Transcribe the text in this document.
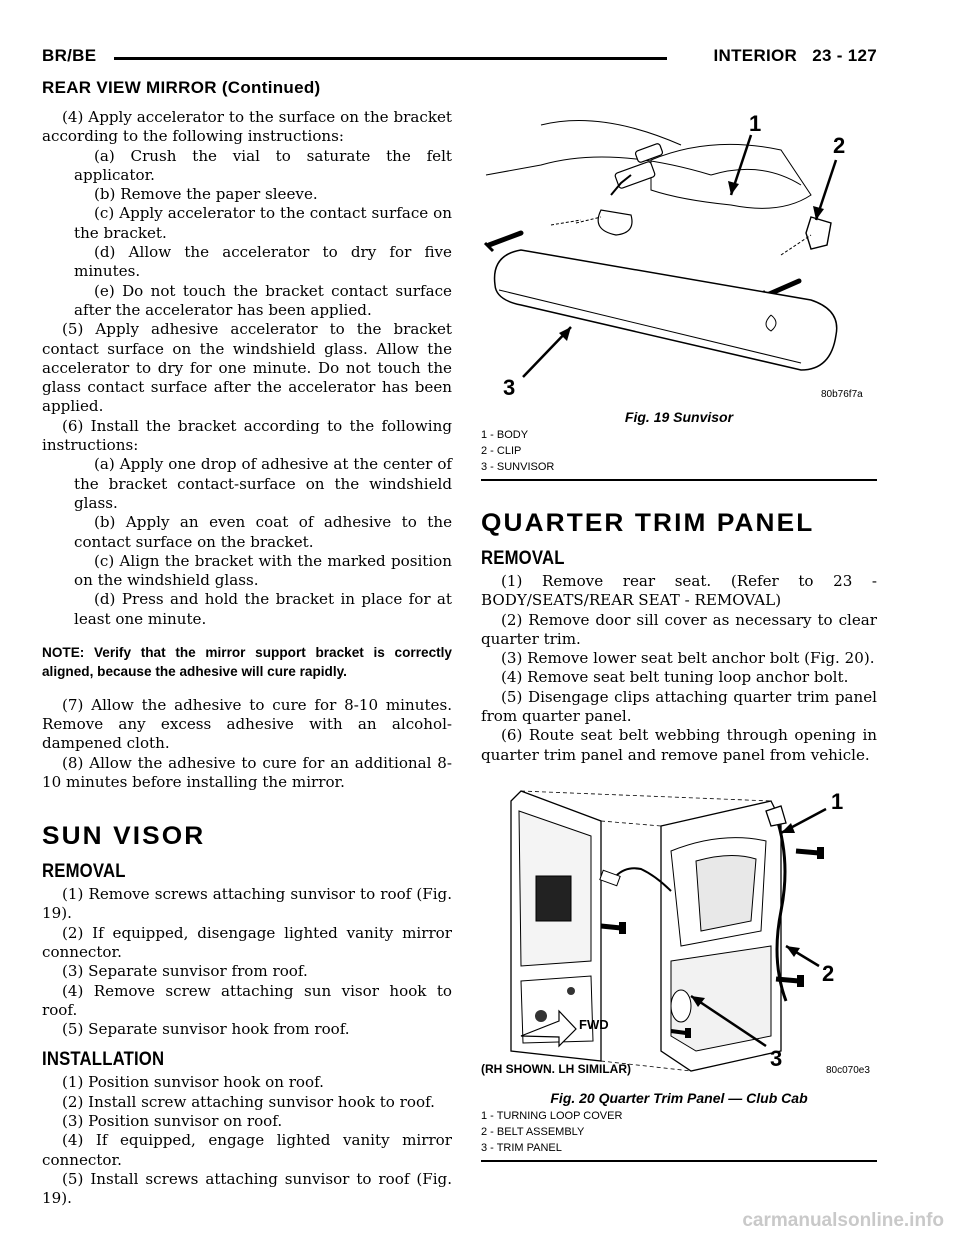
BR/BE	INTERIOR   23 - 127
REAR VIEW MIRROR (Continued)

(4) Apply accelerator to the surface on the bracket according to the following instructions:

(a) Crush the vial to saturate the felt applicator.

(b) Remove the paper sleeve.

(c) Apply accelerator to the contact surface on the bracket.

(d) Allow the accelerator to dry for five minutes.

(e) Do not touch the bracket contact surface after the accelerator has been applied.

(5) Apply adhesive accelerator to the bracket contact surface on the windshield glass. Allow the accelerator to dry for one minute. Do not touch the glass contact surface after the accelerator has been applied.

(6) Install the bracket according to the following instructions:

(a) Apply one drop of adhesive at the center of the bracket contact-surface on the windshield glass.

(b) Apply an even coat of adhesive to the contact surface on the bracket.

(c) Align the bracket with the marked position on the windshield glass.

(d) Press and hold the bracket in place for at least one minute.

NOTE: Verify that the mirror support bracket is correctly aligned, because the adhesive will cure rapidly.

(7) Allow the adhesive to cure for 8-10 minutes. Remove any excess adhesive with an alcohol-dampened cloth.

(8) Allow the adhesive to cure for an additional 8-10 minutes before installing the mirror.

SUN VISOR
REMOVAL

(1) Remove screws attaching sunvisor to roof (Fig. 19).

(2) If equipped, disengage lighted vanity mirror connector.

(3) Separate sunvisor from roof.

(4) Remove screw attaching sun visor hook to roof.

(5) Separate sunvisor hook from roof.

INSTALLATION

(1) Position sunvisor hook on roof.

(2) Install screw attaching sunvisor hook to roof.

(3) Position sunvisor on roof.

(4) If equipped, engage lighted vanity mirror connector.

(5) Install screws attaching sunvisor to roof (Fig. 19).

1
2
3	80b76f7a
Fig. 19 Sunvisor
1 - BODY
2 - CLIP
3 - SUNVISOR
QUARTER TRIM PANEL
REMOVAL

(1) Remove rear seat. (Refer to 23 - BODY/SEATS/REAR SEAT - REMOVAL)

(2) Remove door sill cover as necessary to clear quarter trim.

(3) Remove lower seat belt anchor bolt (Fig. 20).

(4) Remove seat belt tuning loop anchor bolt.

(5) Disengage clips attaching quarter trim panel from quarter panel.

(6) Route seat belt webbing through opening in quarter trim panel and remove panel from vehicle.

FWD
1
2
3
(RH SHOWN. LH SIMILAR)	80c070e3
Fig. 20 Quarter Trim Panel — Club Cab
1 - TURNING LOOP COVER
2 - BELT ASSEMBLY
3 - TRIM PANEL
carmanualsonline.info
